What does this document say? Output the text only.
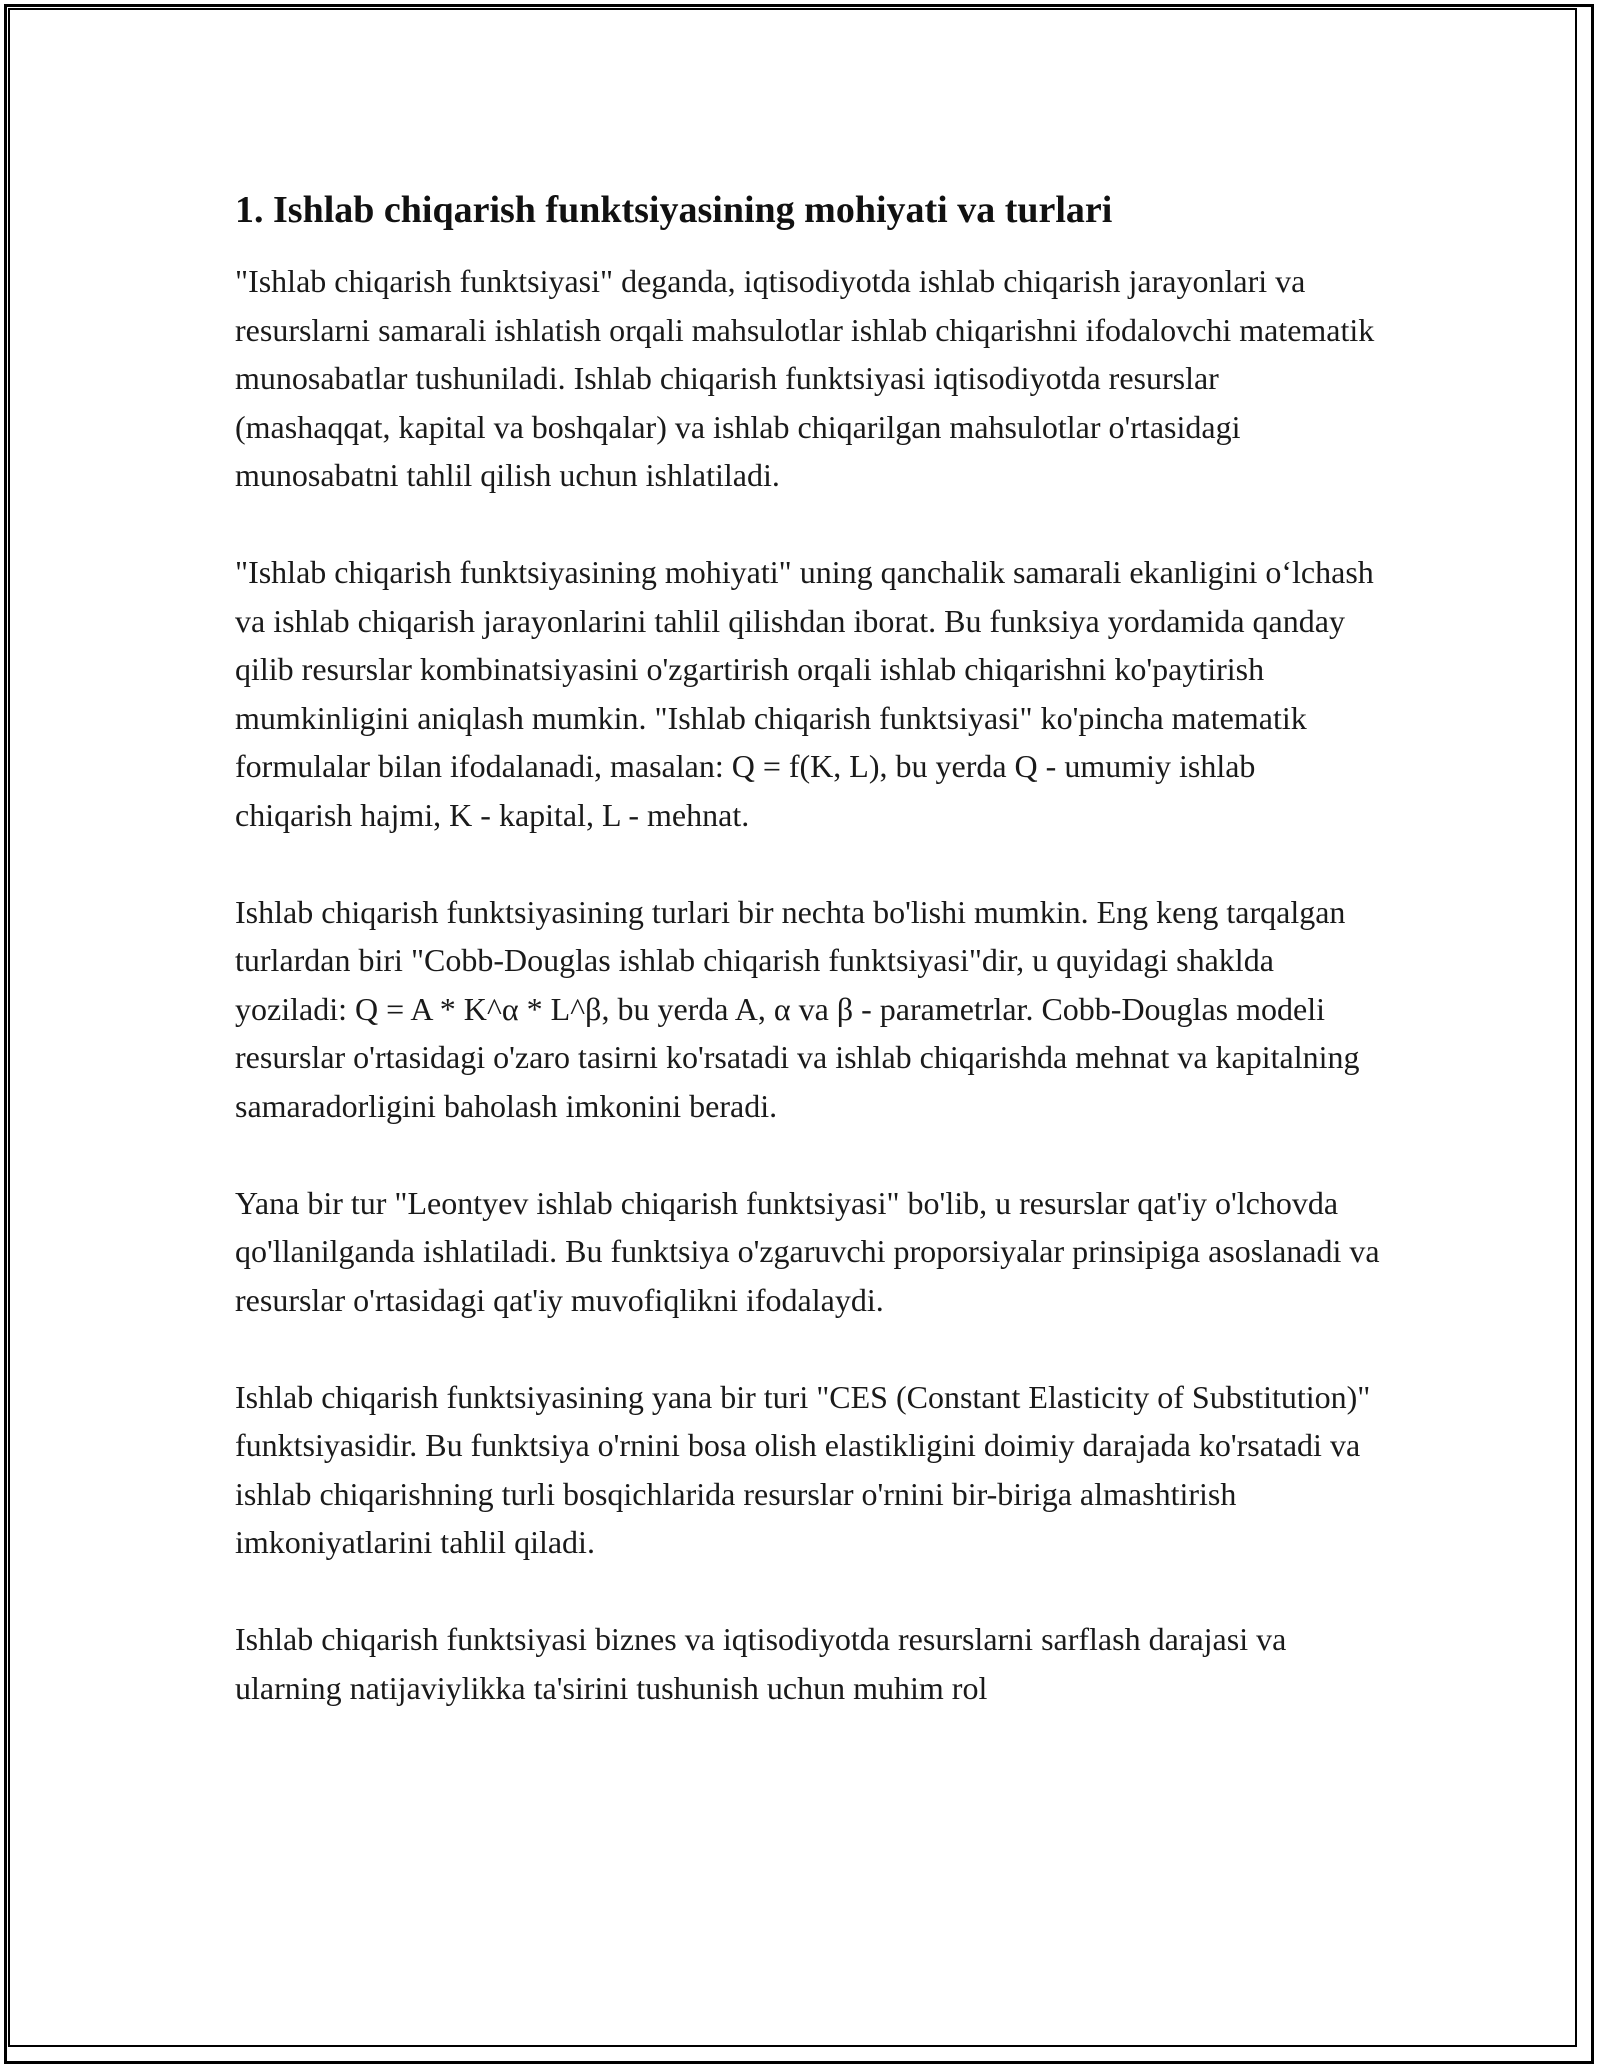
1. Ishlab chiqarish funktsiyasining mohiyati va turlari

"Ishlab chiqarish funktsiyasi" deganda, iqtisodiyotda ishlab chiqarish jarayonlari va resurslarni samarali ishlatish orqali mahsulotlar ishlab chiqarishni ifodalovchi matematik munosabatlar tushuniladi. Ishlab chiqarish funktsiyasi iqtisodiyotda resurslar (mashaqqat, kapital va boshqalar) va ishlab chiqarilgan mahsulotlar o'rtasidagi munosabatni tahlil qilish uchun ishlatiladi.

"Ishlab chiqarish funktsiyasining mohiyati" uning qanchalik samarali ekanligini o‘lchash va ishlab chiqarish jarayonlarini tahlil qilishdan iborat. Bu funksiya yordamida qanday qilib resurslar kombinatsiyasini o'zgartirish orqali ishlab chiqarishni ko'paytirish mumkinligini aniqlash mumkin. "Ishlab chiqarish funktsiyasi" ko'pincha matematik formulalar bilan ifodalanadi, masalan: Q = f(K, L), bu yerda Q - umumiy ishlab chiqarish hajmi, K - kapital, L - mehnat.

Ishlab chiqarish funktsiyasining turlari bir nechta bo'lishi mumkin. Eng keng tarqalgan turlardan biri "Cobb-Douglas ishlab chiqarish funktsiyasi"dir, u quyidagi shaklda yoziladi: Q = A * K^α * L^β, bu yerda A, α va β - parametrlar. Cobb-Douglas modeli resurslar o'rtasidagi o'zaro tasirni ko'rsatadi va ishlab chiqarishda mehnat va kapitalning samaradorligini baholash imkonini beradi.

Yana bir tur "Leontyev ishlab chiqarish funktsiyasi" bo'lib, u resurslar qat'iy o'lchovda qo'llanilganda ishlatiladi. Bu funktsiya o'zgaruvchi proporsiyalar prinsipiga asoslanadi va resurslar o'rtasidagi qat'iy muvofiqlikni ifodalaydi.

Ishlab chiqarish funktsiyasining yana bir turi "CES (Constant Elasticity of Substitution)" funktsiyasidir. Bu funktsiya o'rnini bosa olish elastikligini doimiy darajada ko'rsatadi va ishlab chiqarishning turli bosqichlarida resurslar o'rnini bir-biriga almashtirish imkoniyatlarini tahlil qiladi.

Ishlab chiqarish funktsiyasi biznes va iqtisodiyotda resurslarni sarflash darajasi va ularning natijaviylikka ta'sirini tushunish uchun muhim rol
